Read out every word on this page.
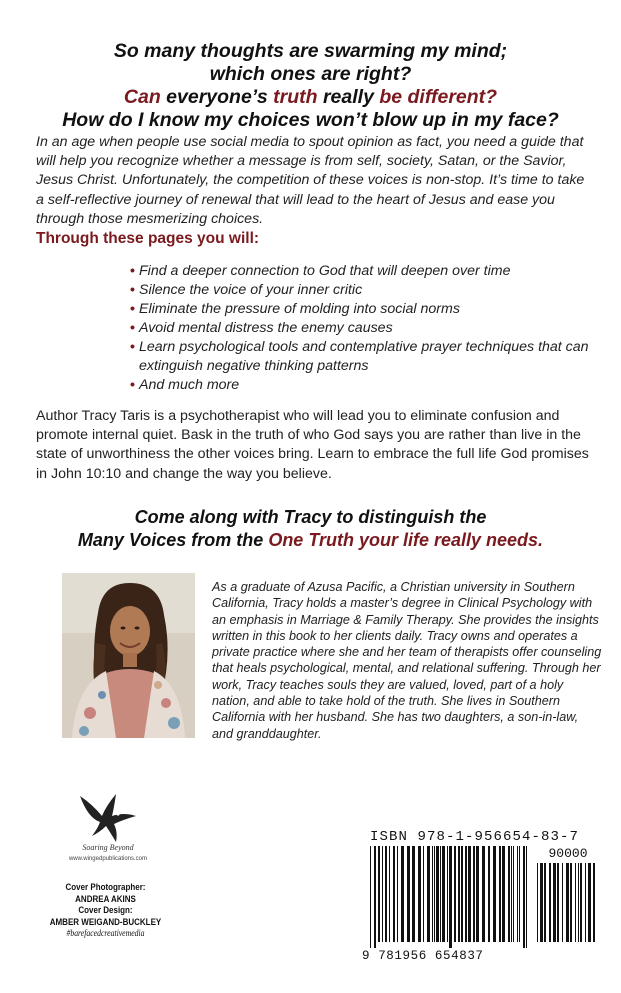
So many thoughts are swarming my mind;
which ones are right?
Can everyone’s truth really be different?
How do I know my choices won’t blow up in my face?

In an age when people use social media to spout opinion as fact, you need a guide that will help you recognize whether a message is from self, society, Satan, or the Savior, Jesus Christ. Unfortunately, the competition of these voices is non-stop. It’s time to take a self-reflective journey of renewal that will lead to the heart of Jesus and ease you through those mesmerizing choices.

Through these pages you will:
• Find a deeper connection to God that will deepen over time
• Silence the voice of your inner critic
• Eliminate the pressure of molding into social norms
• Avoid mental distress the enemy causes
• Learn psychological tools and contemplative prayer techniques that can extinguish negative thinking patterns
• And much more

Author Tracy Taris is a psychotherapist who will lead you to eliminate confusion and promote internal quiet. Bask in the truth of who God says you are rather than live in the state of unworthiness the other voices bring. Learn to embrace the full life God promises in John 10:10 and change the way you believe.

Come along with Tracy to distinguish the
Many Voices from the One Truth your life really needs.

As a graduate of Azusa Pacific, a Christian university in Southern California, Tracy holds a master’s degree in Clinical Psychology with an emphasis in Marriage & Family Therapy. She provides the insights written in this book to her clients daily. Tracy owns and operates a private practice where she and her team of therapists offer counseling that heals psychological, mental, and relational suffering. Through her work, Tracy teaches souls they are valued, loved, part of a holy nation, and able to take hold of the truth. She lives in Southern California with her husband. She has two daughters, a son-in-law, and granddaughter.

Soaring Beyond
www.wingedpublications.com
Cover Photographer:
ANDREA AKINS
Cover Design:
AMBER WEIGAND-BUCKLEY
#barefacedcreativemedia
ISBN 978-1-956654-83-7
90000
9 781956 654837
